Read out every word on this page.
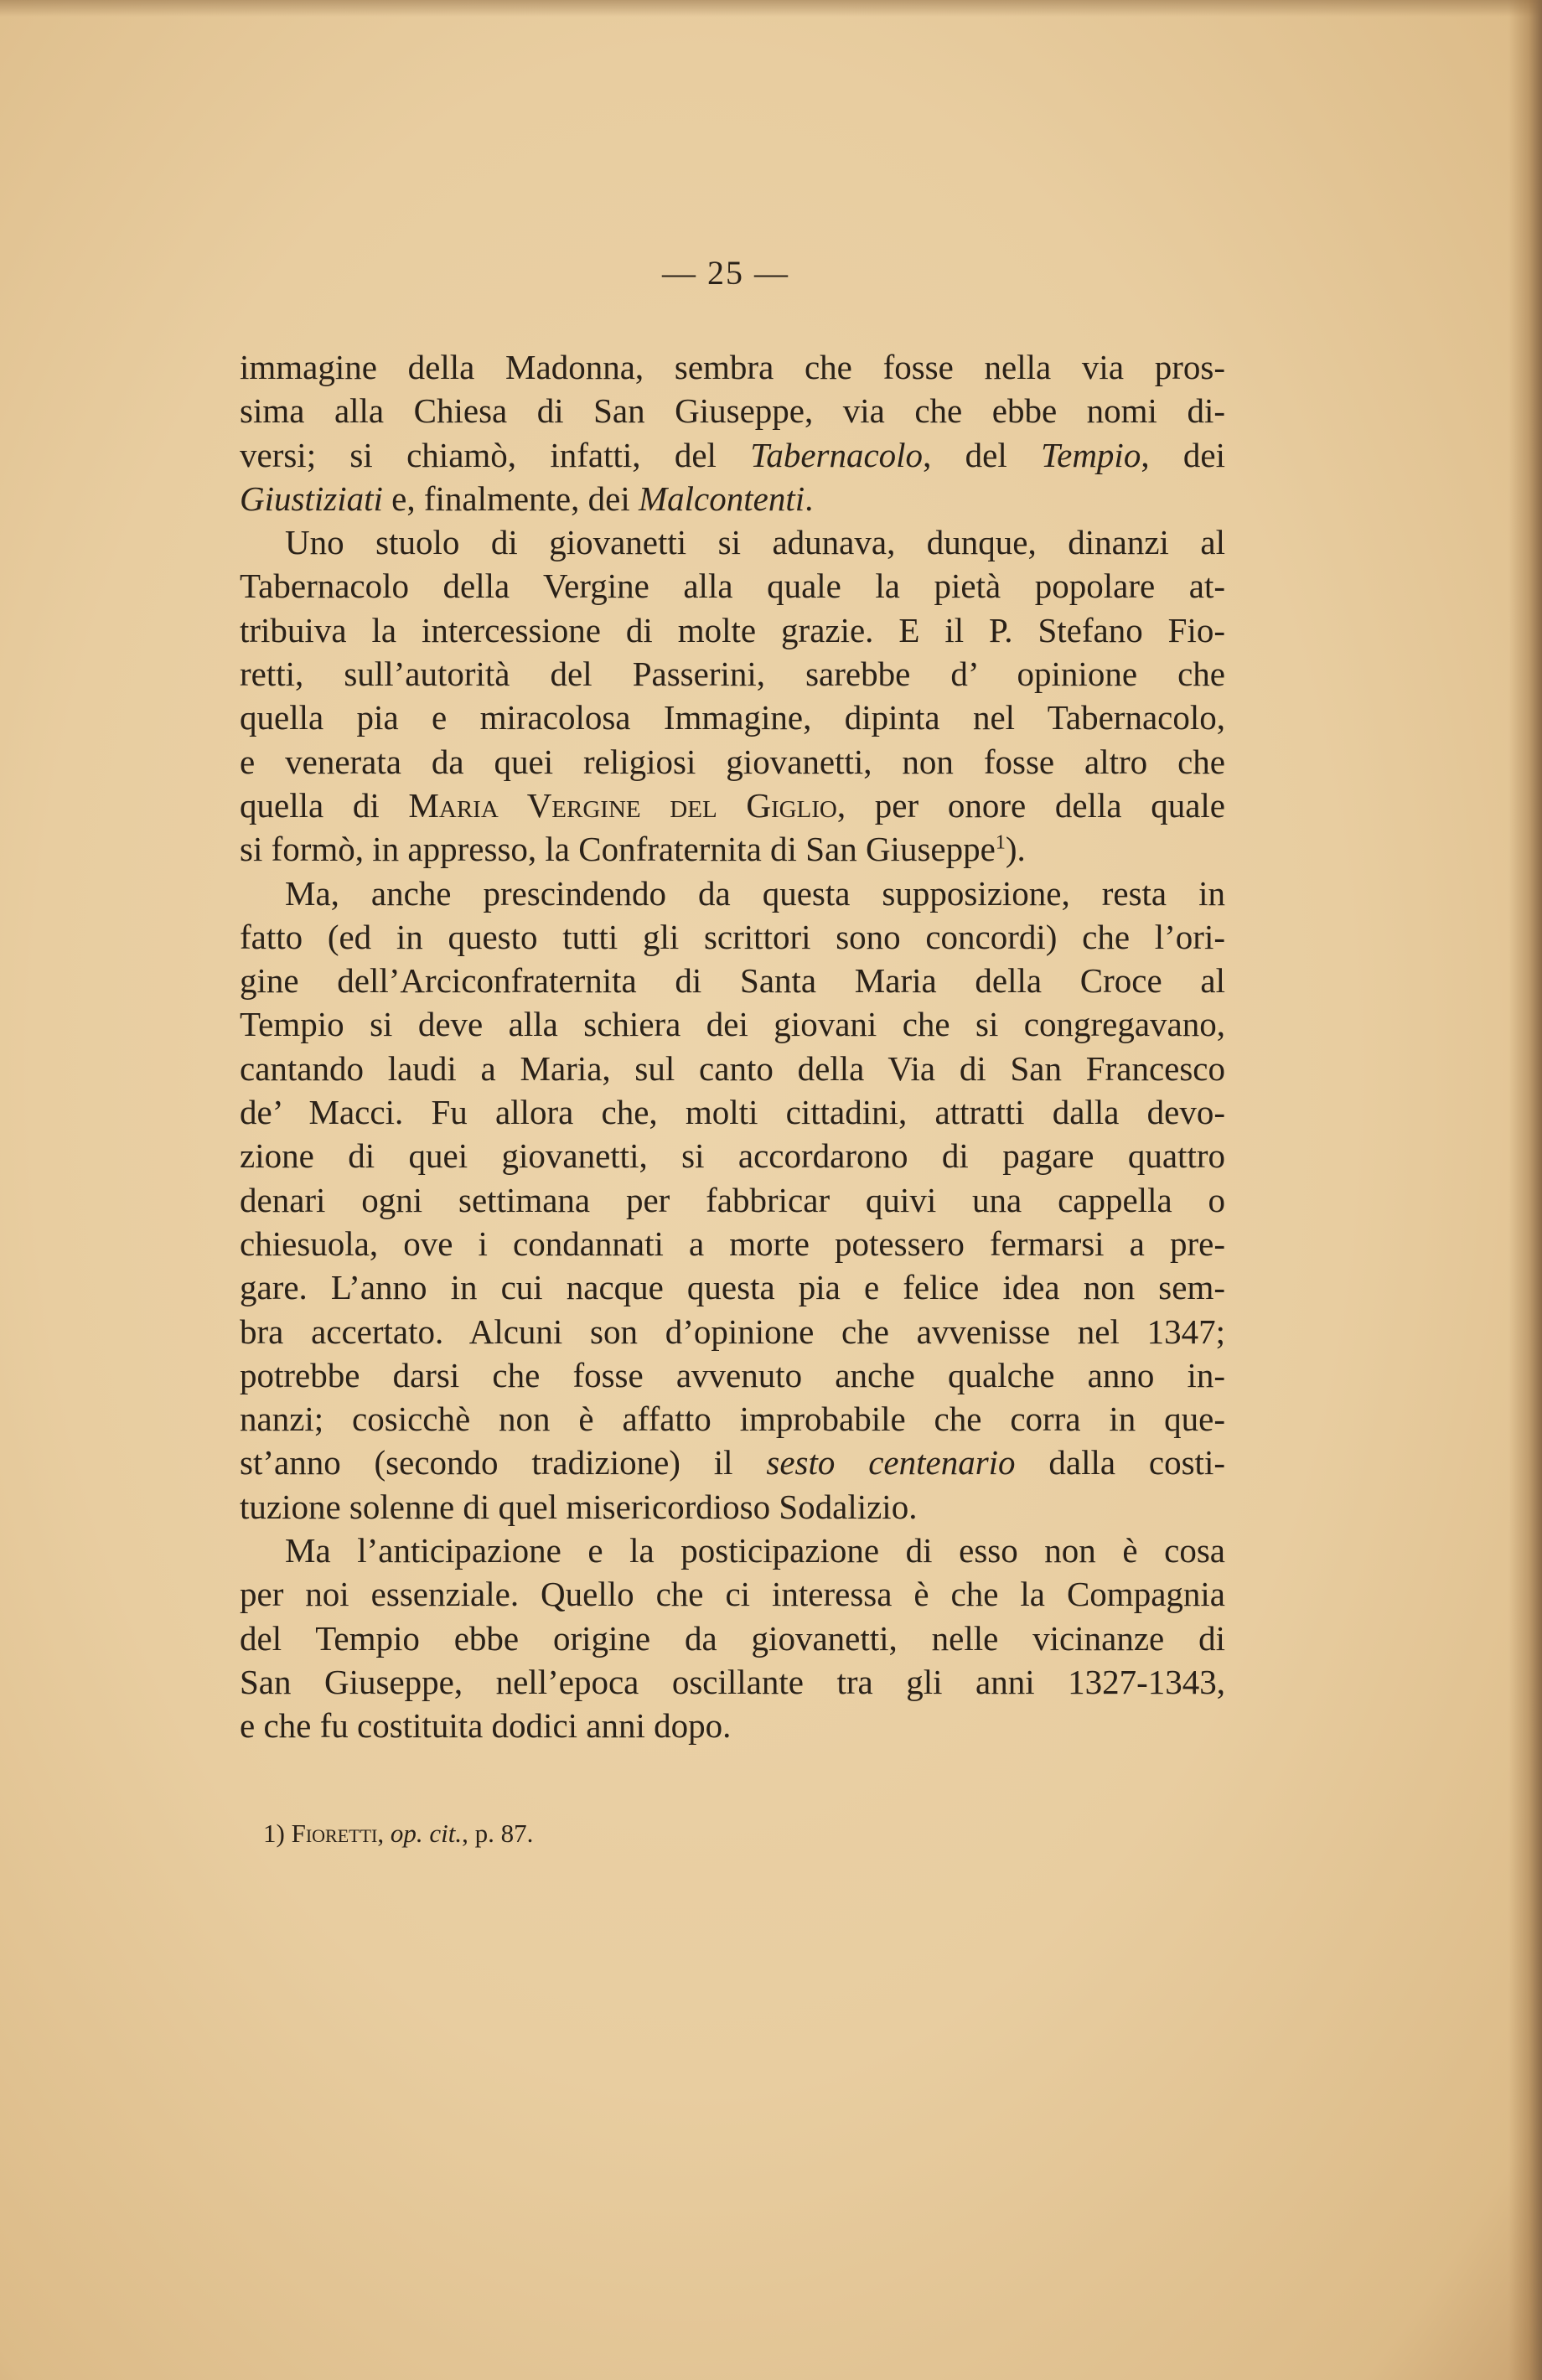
— 25 —
immagine della Madonna, sembra che fosse nella via pros-
sima alla Chiesa di San Giuseppe, via che ebbe nomi di-
versi; si chiamò, infatti, del Tabernacolo, del Tempio, dei
Giustiziati e, finalmente, dei Malcontenti.
Uno stuolo di giovanetti si adunava, dunque, dinanzi al
Tabernacolo della Vergine alla quale la pietà popolare at-
tribuiva la intercessione di molte grazie. E il P. Stefano Fio-
retti, sull’autorità del Passerini, sarebbe d’ opinione che
quella pia e miracolosa Immagine, dipinta nel Tabernacolo,
e venerata da quei religiosi giovanetti, non fosse altro che
quella di Maria Vergine del Giglio, per onore della quale
si formò, in appresso, la Confraternita di San Giuseppe$^1$).
Ma, anche prescindendo da questa supposizione, resta in
fatto (ed in questo tutti gli scrittori sono concordi) che l’ori-
gine dell’Arciconfraternita di Santa Maria della Croce al
Tempio si deve alla schiera dei giovani che si congregavano,
cantando laudi a Maria, sul canto della Via di San Francesco
de’ Macci. Fu allora che, molti cittadini, attratti dalla devo-
zione di quei giovanetti, si accordarono di pagare quattro
denari ogni settimana per fabbricar quivi una cappella o
chiesuola, ove i condannati a morte potessero fermarsi a pre-
gare. L’anno in cui nacque questa pia e felice idea non sem-
bra accertato. Alcuni son d’opinione che avvenisse nel 1347;
potrebbe darsi che fosse avvenuto anche qualche anno in-
nanzi; cosicchè non è affatto improbabile che corra in que-
st’anno (secondo tradizione) il sesto centenario dalla costi-
tuzione solenne di quel misericordioso Sodalizio.
Ma l’anticipazione e la posticipazione di esso non è cosa
per noi essenziale. Quello che ci interessa è che la Compagnia
del Tempio ebbe origine da giovanetti, nelle vicinanze di
San Giuseppe, nell’epoca oscillante tra gli anni 1327-1343,
e che fu costituita dodici anni dopo.
1) Fioretti, op. cit., p. 87.
